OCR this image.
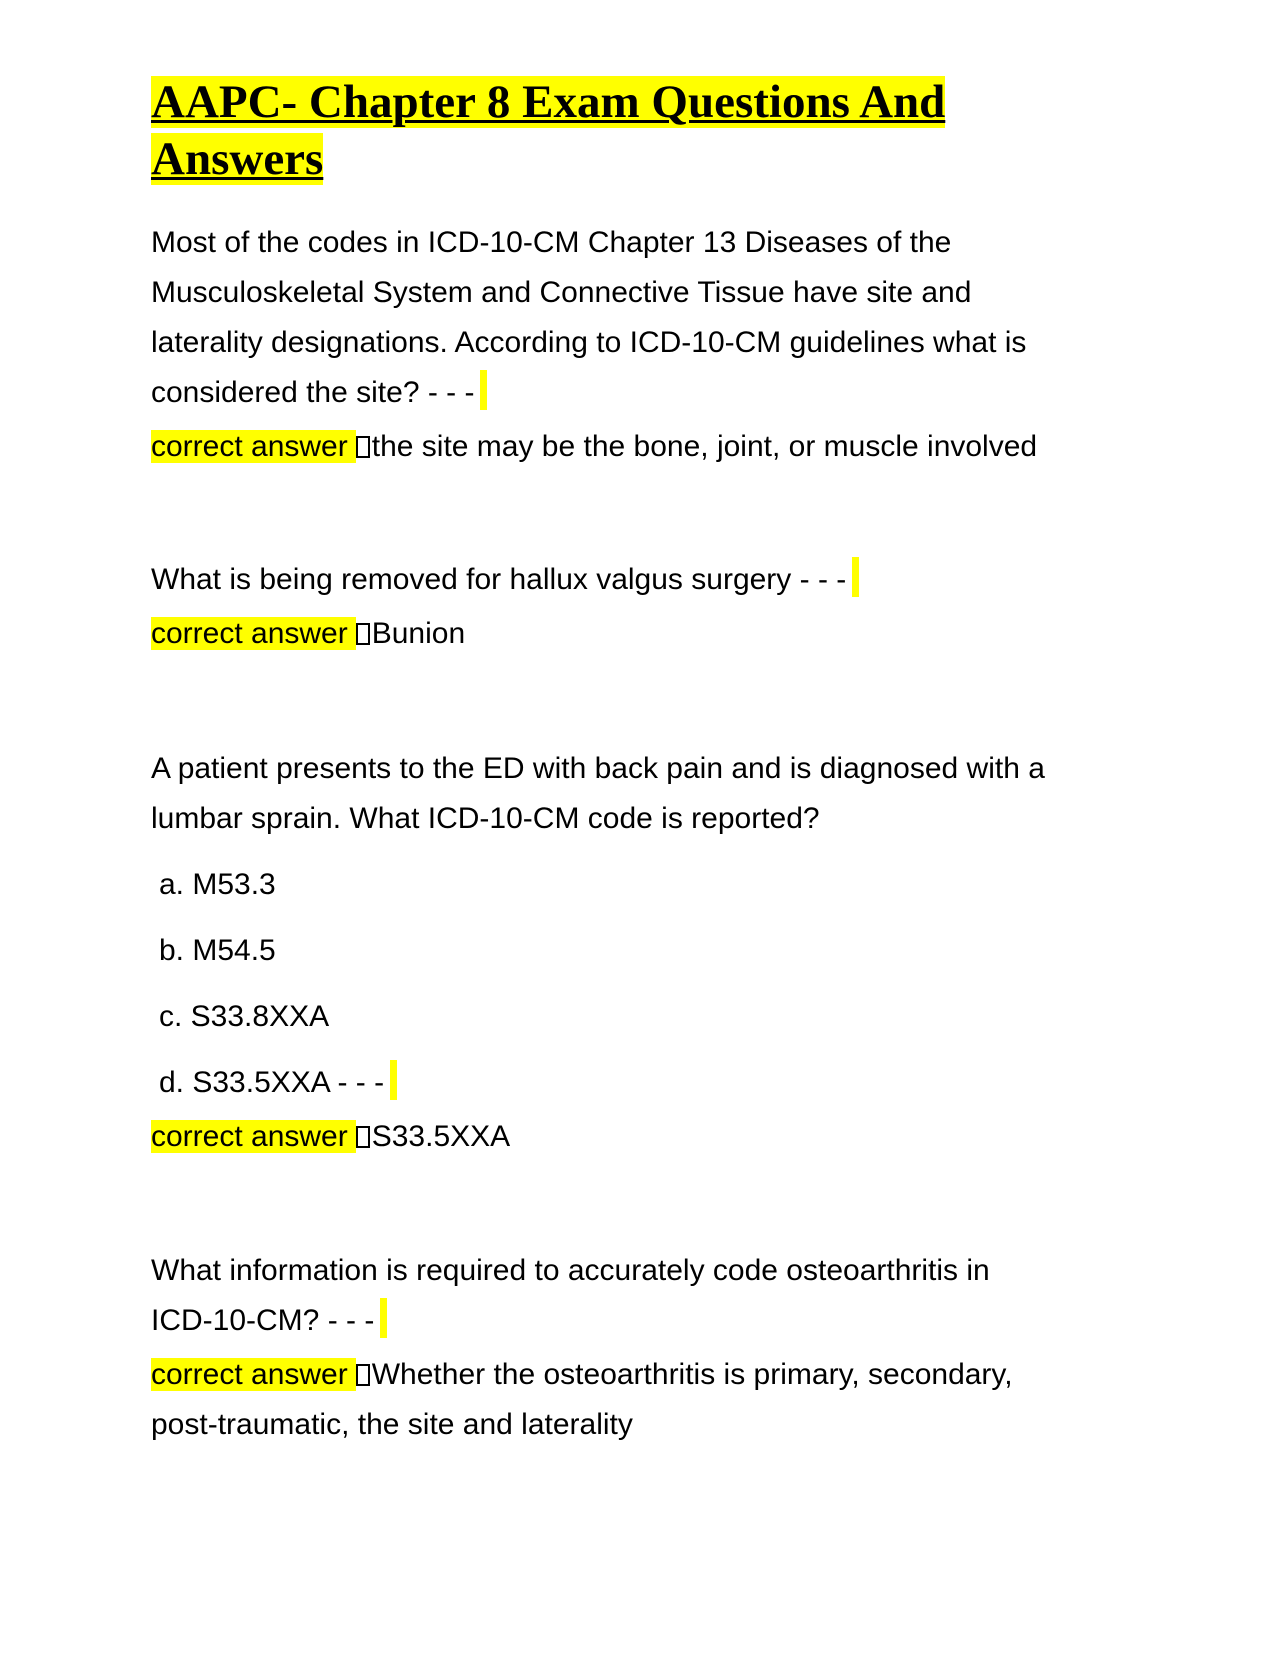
AAPC- Chapter 8 Exam Questions And
Answers
Most of the codes in ICD-10-CM Chapter 13 Diseases of the
Musculoskeletal System and Connective Tissue have site and
laterality designations. According to ICD-10-CM guidelines what is
considered the site? - - -
correct answer the site may be the bone, joint, or muscle involved
What is being removed for hallux valgus surgery - - -
correct answer Bunion
A patient presents to the ED with back pain and is diagnosed with a
lumbar sprain. What ICD-10-CM code is reported?
a. M53.3
b. M54.5
c. S33.8XXA
d. S33.5XXA - - -
correct answer S33.5XXA
What information is required to accurately code osteoarthritis in
ICD-10-CM? - - -
correct answer Whether the osteoarthritis is primary, secondary,
post-traumatic, the site and laterality
